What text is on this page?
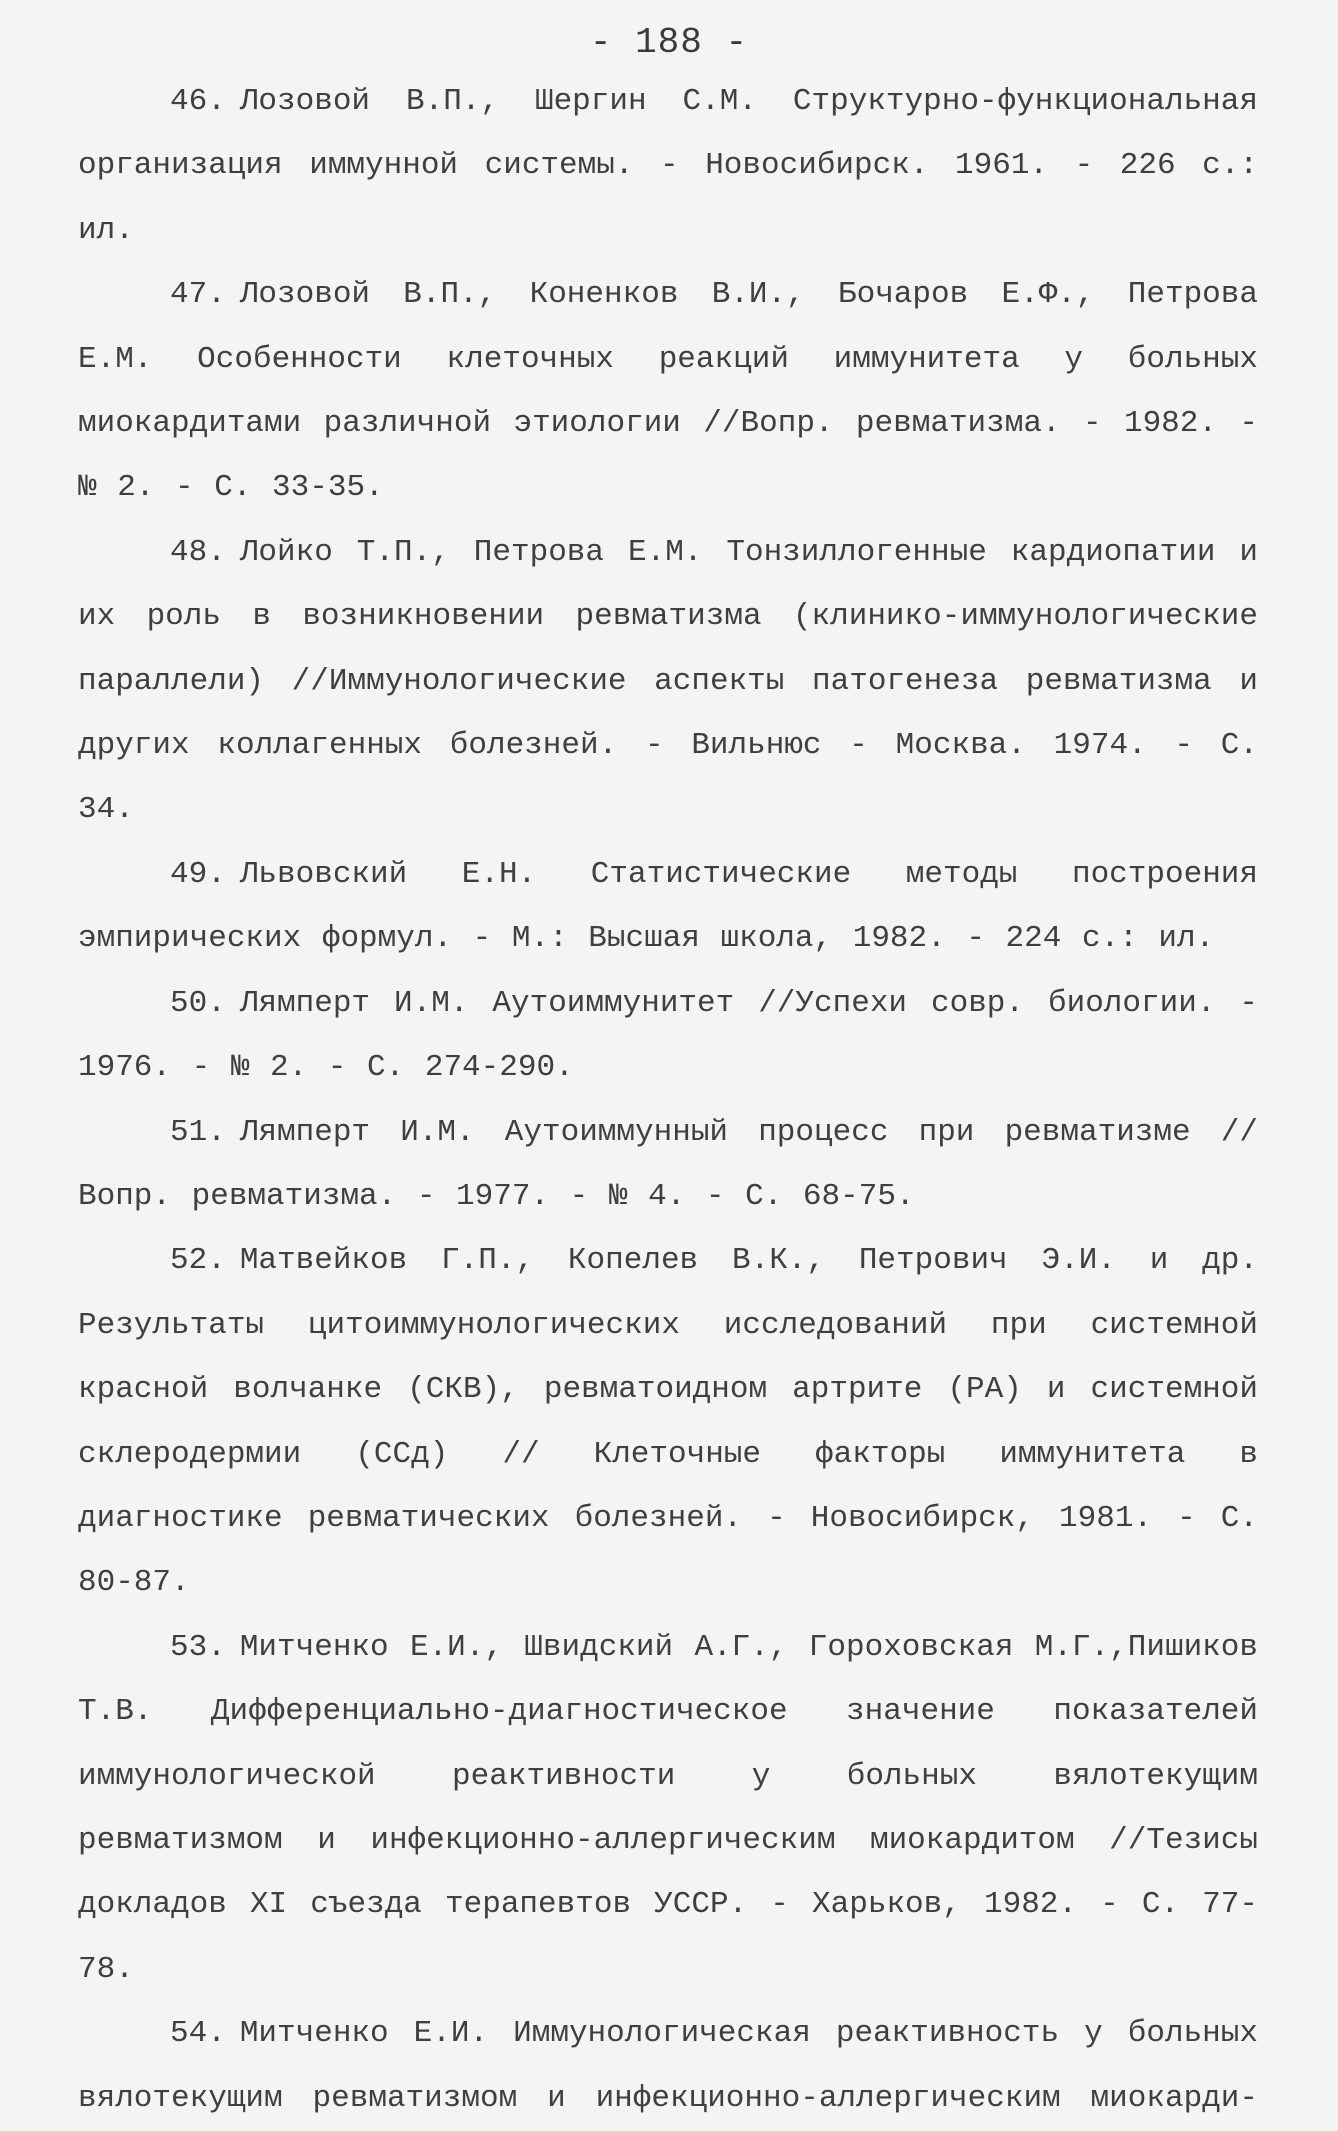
- 188 -

46. Лозовой В.П., Шергин С.М. Структурно-функциональная организация иммунной системы. - Новосибирск. 1961. - 226 с.: ил.

47. Лозовой В.П., Коненков В.И., Бочаров Е.Ф., Петрова Е.М. Особенности клеточных реакций иммунитета у больных миокардитами различной этиологии //Вопр. ревматизма. - 1982. - № 2. - С. 33-35.

48. Лойко Т.П., Петрова Е.М. Тонзиллогенные кардиопатии и их роль в возникновении ревматизма (клинико-иммунологические параллели) //Иммунологические аспекты патогенеза ревматизма и других коллагенных болезней. - Вильнюс - Москва. 1974. - С. 34.

49. Львовский Е.Н. Статистические методы построения эмпирических формул. - М.: Высшая школа, 1982. - 224 с.: ил.

50. Лямперт И.М. Аутоиммунитет //Успехи совр. биологии. - 1976. - № 2. - С. 274-290.

51. Лямперт И.М. Аутоиммунный процесс при ревматизме //Вопр. ревматизма. - 1977. - № 4. - С. 68-75.

52. Матвейков Г.П., Копелев В.К., Петрович Э.И. и др. Результаты цитоиммунологических исследований при системной красной волчанке (СКВ), ревматоидном артрите (РА) и системной склеродермии (ССд) // Клеточные факторы иммунитета в диагностике ревматических болезней. - Новосибирск, 1981. - С. 80-87.

53. Митченко Е.И., Швидский А.Г., Гороховская М.Г.,Пишиков Т.В. Дифференциально-диагностическое значение показателей иммунологической реактивности у больных вялотекущим ревматизмом и инфекционно-аллергическим миокардитом //Тезисы докладов XI съезда терапевтов УССР. - Харьков, 1982. - С. 77-78.

54. Митченко Е.И. Иммунологическая реактивность у больных вялотекущим ревматизмом и инфекционно-аллергическим миокарди-
